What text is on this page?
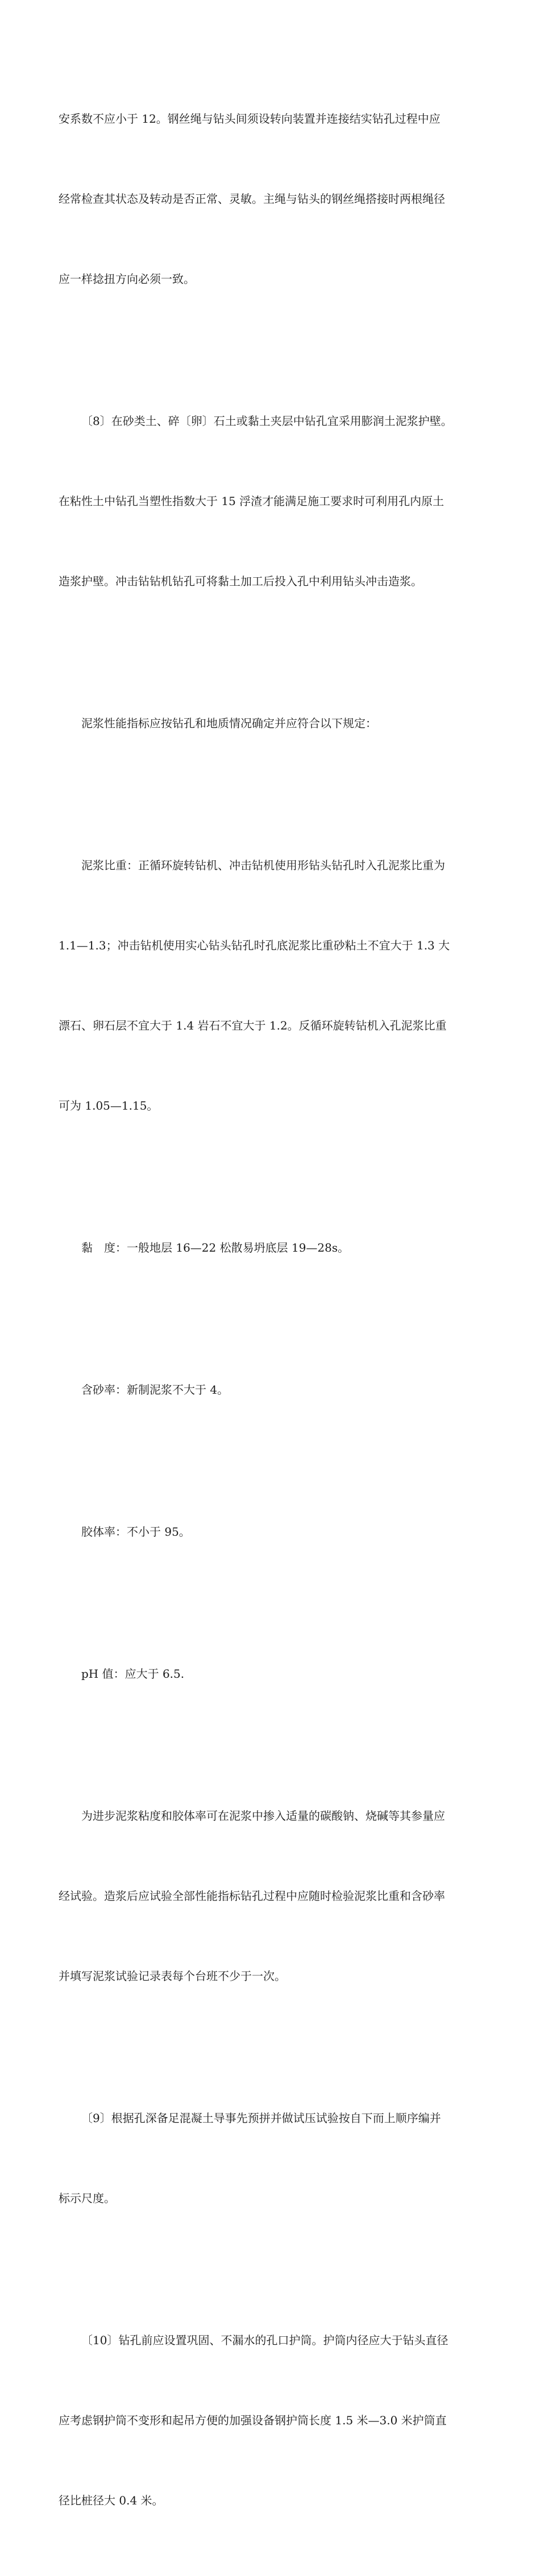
安系数不应小于 12。钢丝绳与钻头间须设转向装置并连接结实钻孔过程中应

经常检查其状态及转动是否正常、灵敏。主绳与钻头的钢丝绳搭接时两根绳径

应一样捻扭方向必须一致。

〔8〕在砂类土、碎〔卵〕石土或黏土夹层中钻孔宜采用膨润土泥浆护壁。

在粘性土中钻孔当塑性指数大于 15 浮渣才能满足施工要求时可利用孔内原土

造浆护壁。冲击钻钻机钻孔可将黏土加工后投入孔中利用钻头冲击造浆。

泥浆性能指标应按钻孔和地质情况确定并应符合以下规定：

泥浆比重：正循环旋转钻机、冲击钻机使用形钻头钻孔时入孔泥浆比重为

1.1—1.3；冲击钻机使用实心钻头钻孔时孔底泥浆比重砂粘土不宜大于 1.3 大

漂石、卵石层不宜大于 1.4 岩石不宜大于 1.2。反循环旋转钻机入孔泥浆比重

可为 1.05—1.15。

黏　度：一般地层 16—22 松散易坍底层 19—28s。

含砂率：新制泥浆不大于 4。

胶体率：不小于 95。

pH 值：应大于 6.5.

为进步泥浆粘度和胶体率可在泥浆中掺入适量的碳酸钠、烧碱等其参量应

经试验。造浆后应试验全部性能指标钻孔过程中应随时检验泥浆比重和含砂率

并填写泥浆试验记录表每个台班不少于一次。

〔9〕根据孔深备足混凝土导事先预拼并做试压试验按自下而上顺序编并

标示尺度。

〔10〕钻孔前应设置巩固、不漏水的孔口护筒。护筒内径应大于钻头直径

应考虑钢护筒不变形和起吊方便的加强设备钢护筒长度 1.5 米—3.0 米护筒直

径比桩径大 0.4 米。
